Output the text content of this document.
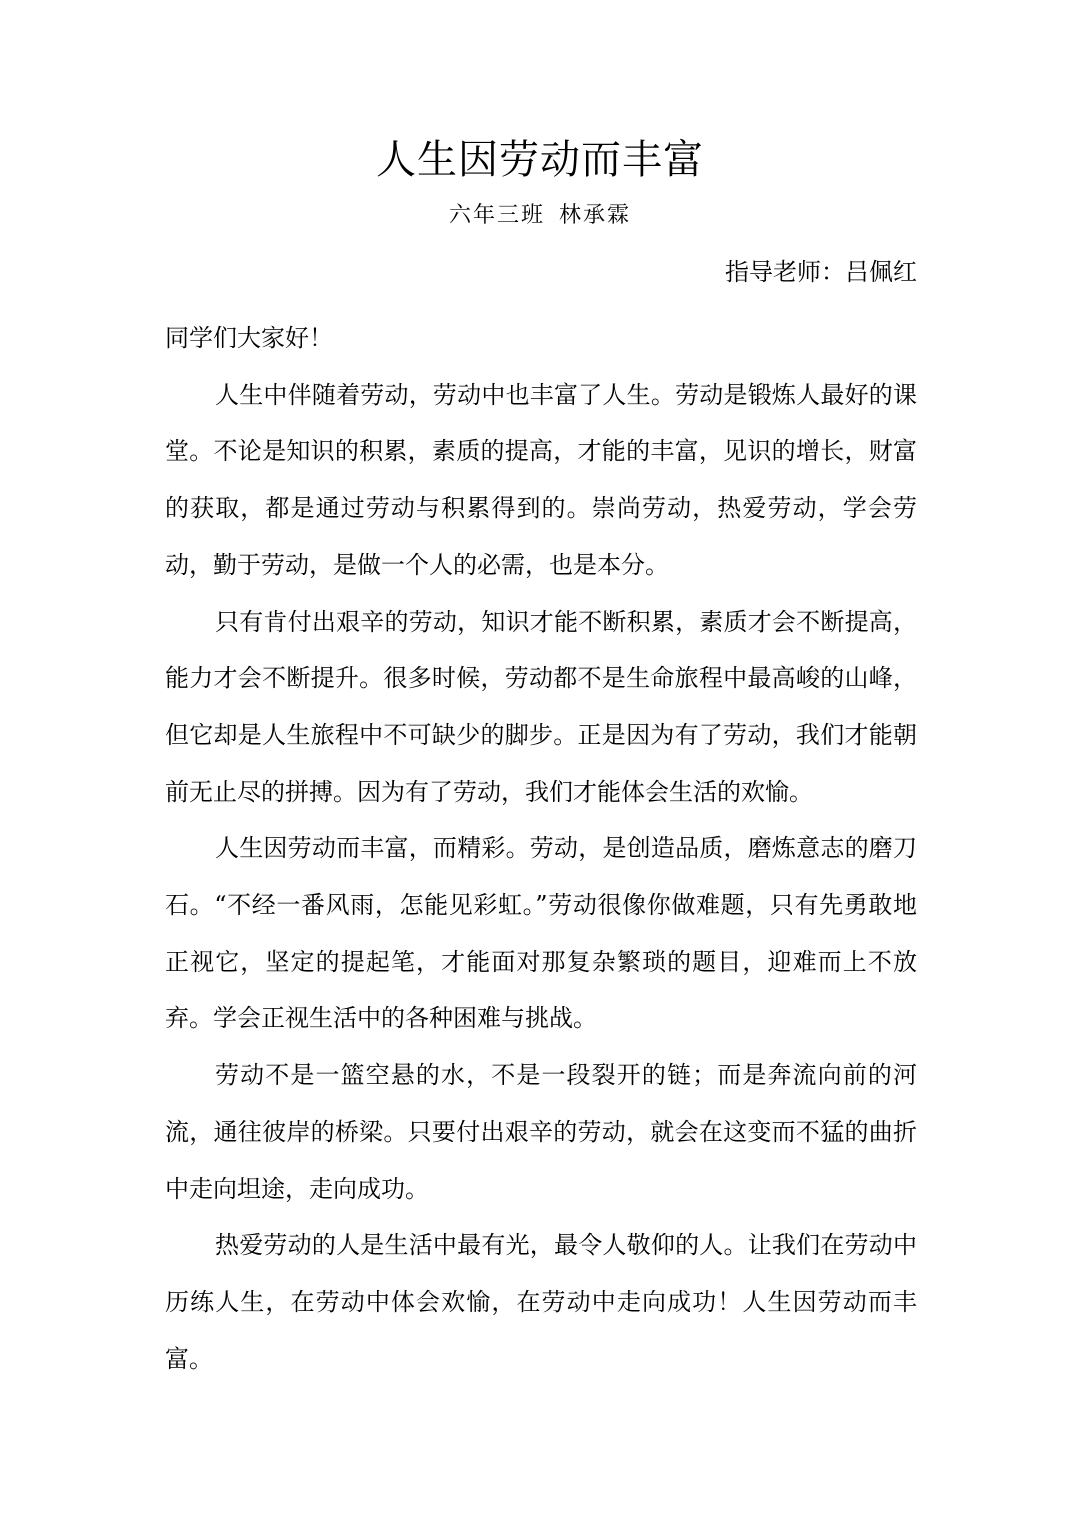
人生因劳动而丰富
六年三班 林承霖
指导老师：吕佩红

同学们大家好！

人生中伴随着劳动，劳动中也丰富了人生。劳动是锻炼人最好的课堂。不论是知识的积累，素质的提高，才能的丰富，见识的增长，财富的获取，都是通过劳动与积累得到的。崇尚劳动，热爱劳动，学会劳动，勤于劳动，是做一个人的必需，也是本分。

只有肯付出艰辛的劳动，知识才能不断积累，素质才会不断提高，能力才会不断提升。很多时候，劳动都不是生命旅程中最高峻的山峰，但它却是人生旅程中不可缺少的脚步。正是因为有了劳动，我们才能朝前无止尽的拼搏。因为有了劳动，我们才能体会生活的欢愉。

人生因劳动而丰富，而精彩。劳动，是创造品质，磨炼意志的磨刀石。“不经一番风雨，怎能见彩虹。”劳动很像你做难题，只有先勇敢地正视它，坚定的提起笔，才能面对那复杂繁琐的题目，迎难而上不放弃。学会正视生活中的各种困难与挑战。

劳动不是一篮空悬的水，不是一段裂开的链；而是奔流向前的河流，通往彼岸的桥梁。只要付出艰辛的劳动，就会在这变而不猛的曲折中走向坦途，走向成功。

热爱劳动的人是生活中最有光，最令人敬仰的人。让我们在劳动中历练人生，在劳动中体会欢愉，在劳动中走向成功！人生因劳动而丰富。
